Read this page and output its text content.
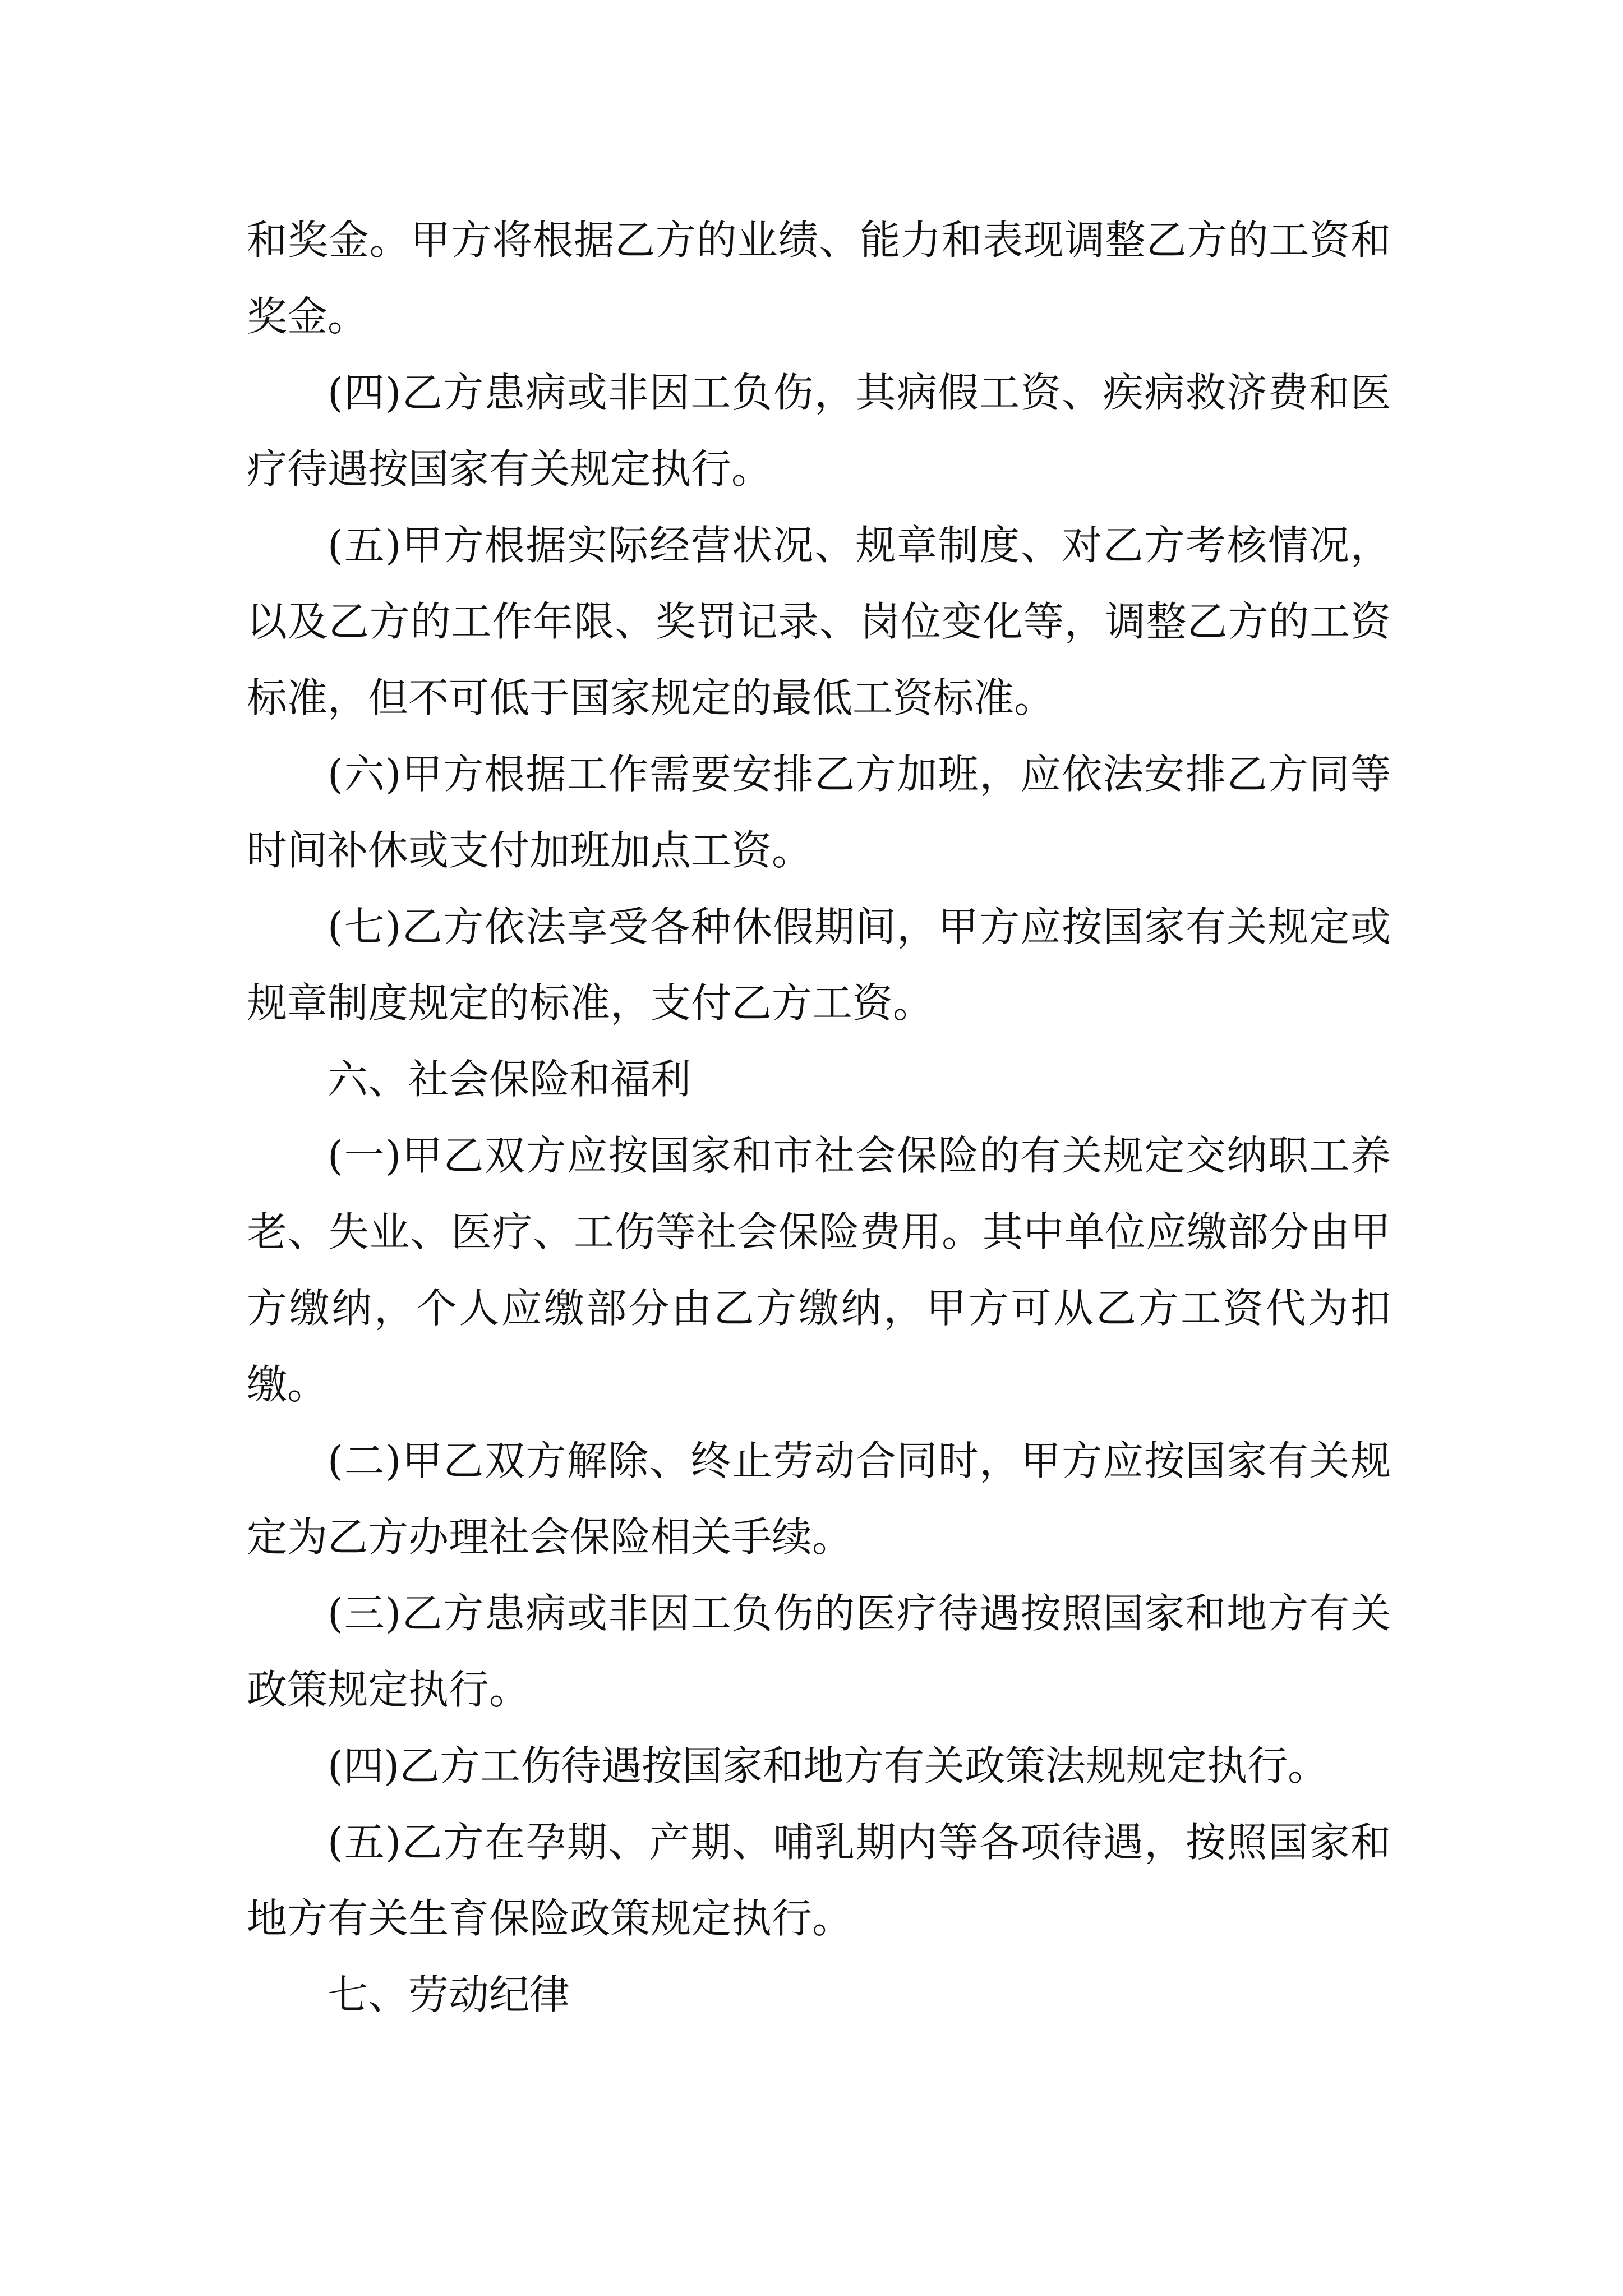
和奖金。甲方将根据乙方的业绩、能力和表现调整乙方的工资和奖金。

(四)乙方患病或非因工负伤，其病假工资、疾病救济费和医疗待遇按国家有关规定执行。

(五)甲方根据实际经营状况、规章制度、对乙方考核情况，以及乙方的工作年限、奖罚记录、岗位变化等，调整乙方的工资标准，但不可低于国家规定的最低工资标准。

(六)甲方根据工作需要安排乙方加班，应依法安排乙方同等时间补休或支付加班加点工资。

(七)乙方依法享受各种休假期间，甲方应按国家有关规定或规章制度规定的标准，支付乙方工资。

六、社会保险和福利

(一)甲乙双方应按国家和市社会保险的有关规定交纳职工养老、失业、医疗、工伤等社会保险费用。其中单位应缴部分由甲方缴纳，个人应缴部分由乙方缴纳，甲方可从乙方工资代为扣缴。

(二)甲乙双方解除、终止劳动合同时，甲方应按国家有关规定为乙方办理社会保险相关手续。

(三)乙方患病或非因工负伤的医疗待遇按照国家和地方有关政策规定执行。

(四)乙方工伤待遇按国家和地方有关政策法规规定执行。

(五)乙方在孕期、产期、哺乳期内等各项待遇，按照国家和地方有关生育保险政策规定执行。

七、劳动纪律
